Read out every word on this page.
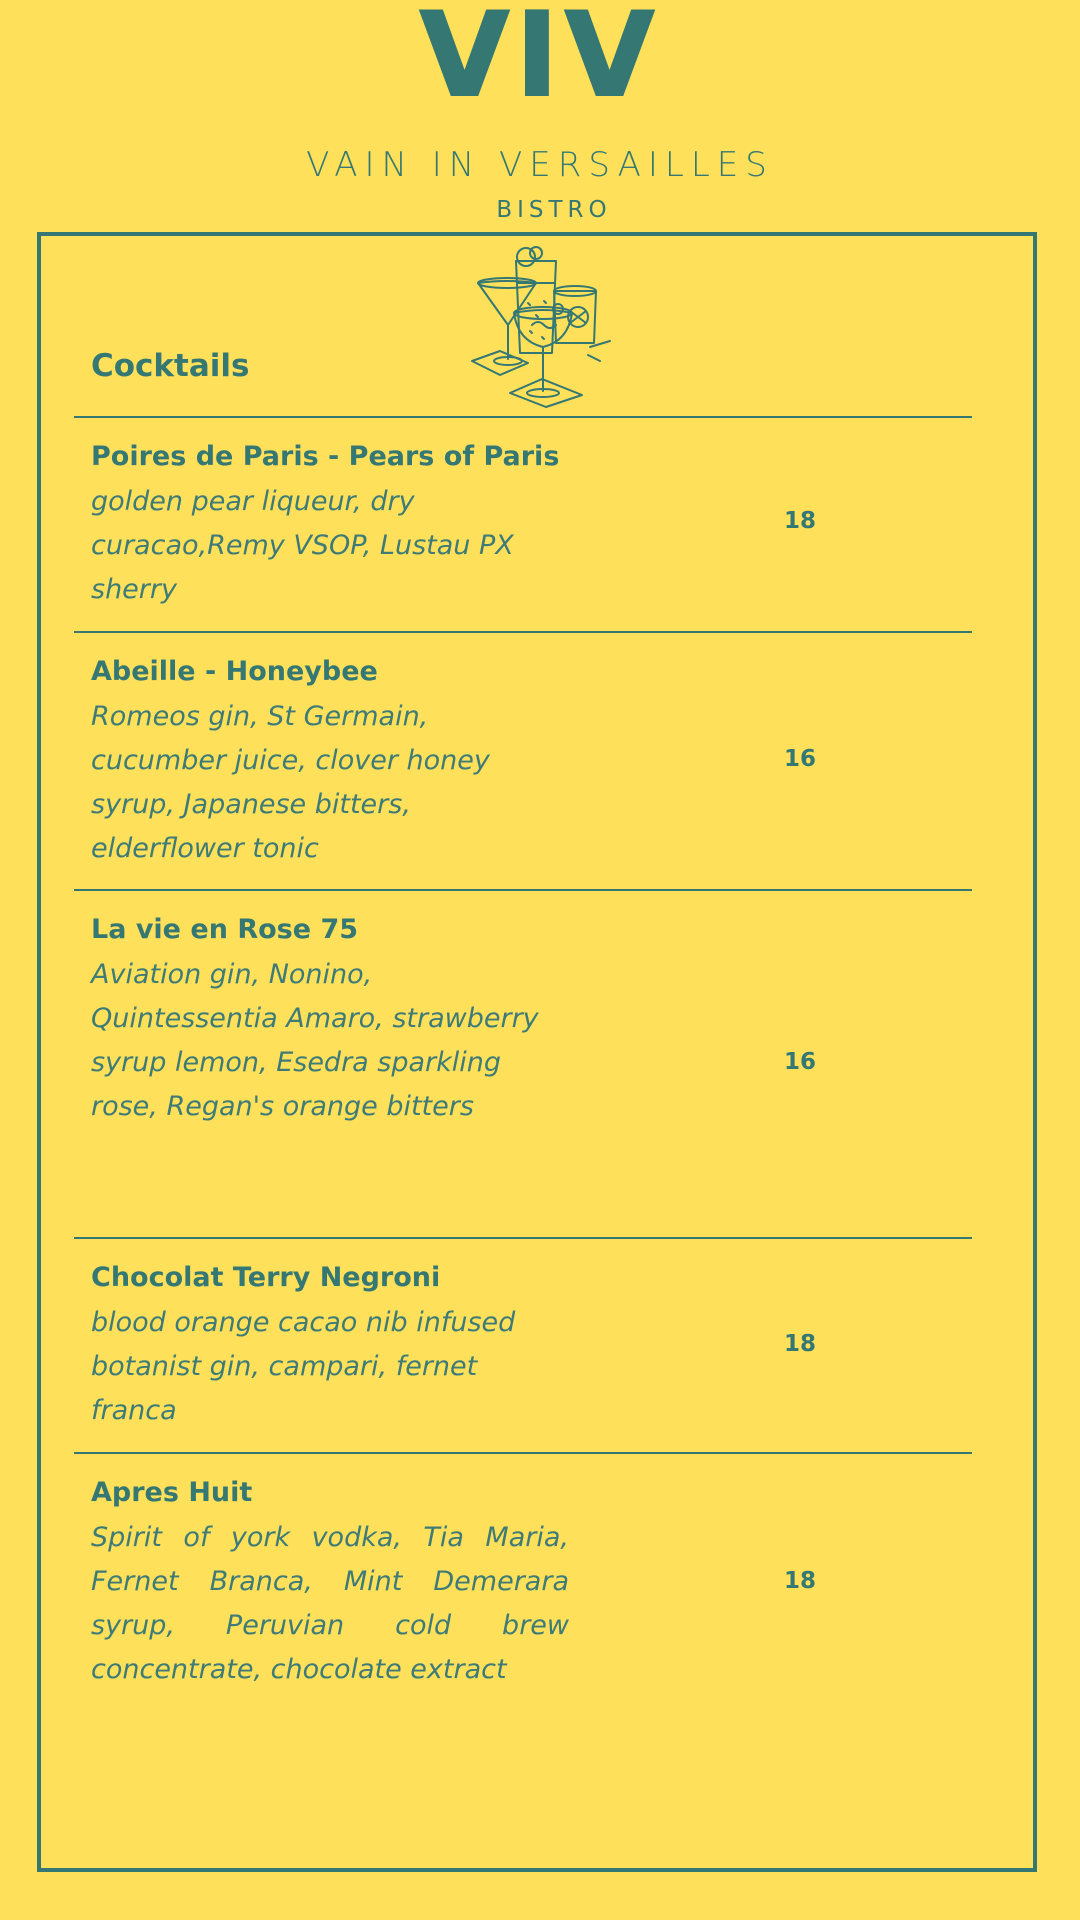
VIV
VAIN IN VERSAILLES
BISTRO
Cocktails
Poires de Paris - Pears of Paris

golden pear liqueur, dry curacao,Remy VSOP, Lustau PX sherry

18
Abeille - Honeybee

Romeos gin, St Germain, cucumber juice, clover honey syrup, Japanese bitters, elderflower tonic

16
La vie en Rose 75

Aviation gin, Nonino, Quintessentia Amaro, strawberry syrup lemon, Esedra sparkling rose, Regan's orange bitters

16
Chocolat Terry Negroni

blood orange cacao nib infused botanist gin, campari, fernet franca

18
Apres Huit

Spirit of york vodka, Tia Maria, Fernet Branca, Mint Demerara syrup, Peruvian cold brew concentrate, chocolate extract

18
